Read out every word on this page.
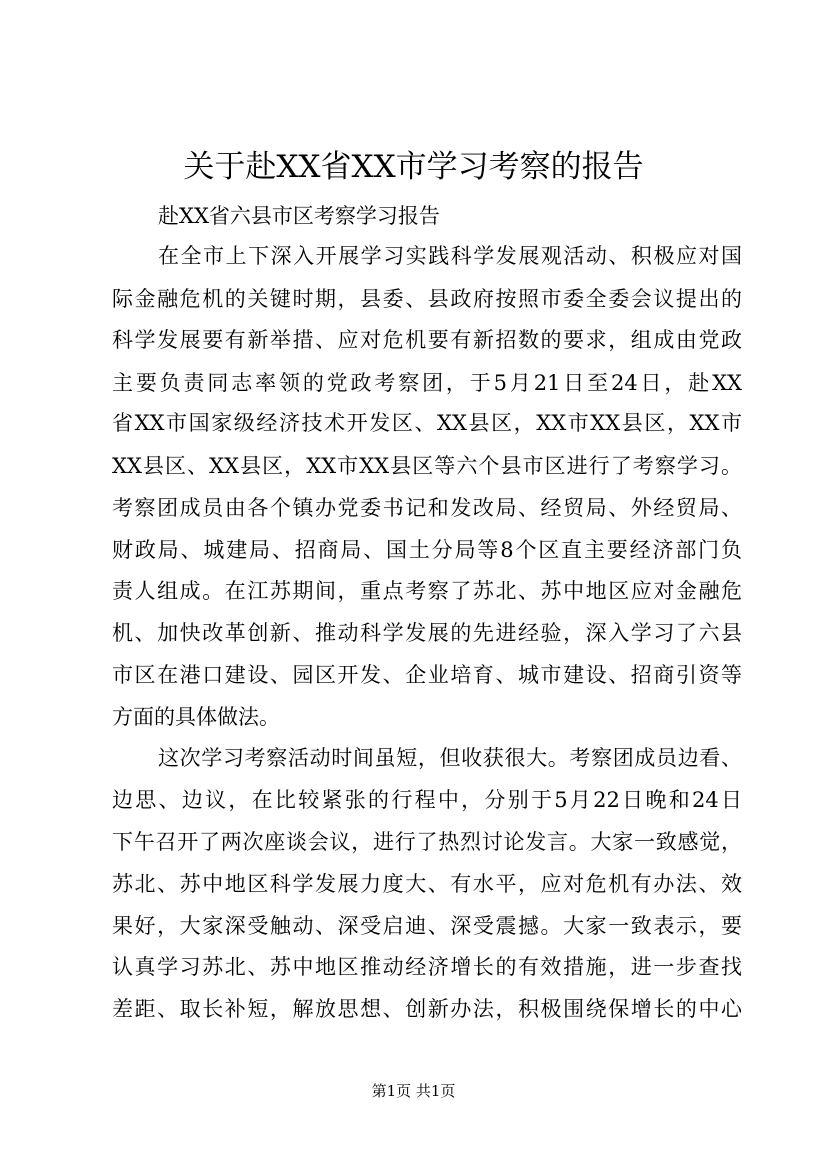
关于赴XX省XX市学习考察的报告
赴XX省六县市区考察学习报告
在全市上下深入开展学习实践科学发展观活动、积极应对国
际金融危机的关键时期，县委、县政府按照市委全委会议提出的
科学发展要有新举措、应对危机要有新招数的要求，组成由党政
主要负责同志率领的党政考察团，于5月21日至24日，赴XX
省XX市国家级经济技术开发区、XX县区，XX市XX县区，XX市
XX县区、XX县区，XX市XX县区等六个县市区进行了考察学习。
考察团成员由各个镇办党委书记和发改局、经贸局、外经贸局、
财政局、城建局、招商局、国土分局等8个区直主要经济部门负
责人组成。在江苏期间，重点考察了苏北、苏中地区应对金融危
机、加快改革创新、推动科学发展的先进经验，深入学习了六县
市区在港口建设、园区开发、企业培育、城市建设、招商引资等
方面的具体做法。
这次学习考察活动时间虽短，但收获很大。考察团成员边看、
边思、边议，在比较紧张的行程中，分别于5月22日晚和24日
下午召开了两次座谈会议，进行了热烈讨论发言。大家一致感觉，
苏北、苏中地区科学发展力度大、有水平，应对危机有办法、效
果好，大家深受触动、深受启迪、深受震撼。大家一致表示，要
认真学习苏北、苏中地区推动经济增长的有效措施，进一步查找
差距、取长补短，解放思想、创新办法，积极围绕保增长的中心
第1页 共1页
